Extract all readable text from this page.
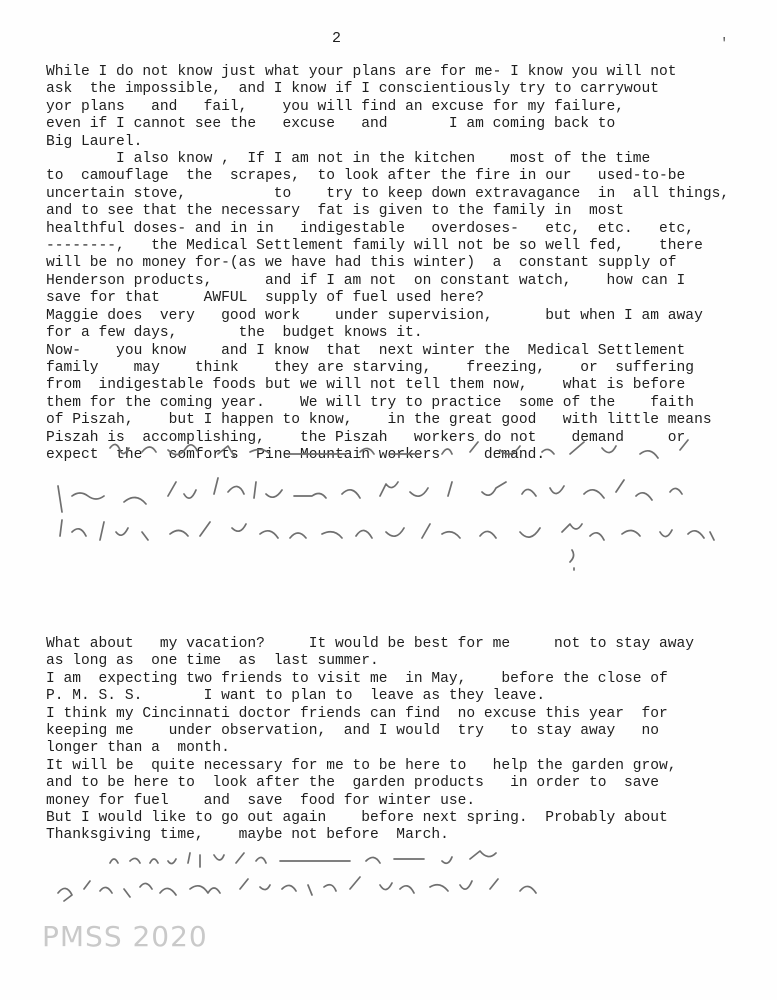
2	'
While I do not know just what your plans are for me- I know you will not
ask  the impossible,  and I know if I conscientiously try to carrywout
yor plans   and   fail,    you will find an excuse for my failure,
even if I cannot see the   excuse   and       I am coming back to
Big Laurel.
I also know ,  If I am not in the kitchen    most of the time
to  camouflage  the  scrapes,  to look after the fire in our   used-to-be
uncertain stove,          to    try to keep down extravagance  in  all things,
and to see that the necessary  fat is given to the family in  most
healthful doses- and in in   indigestable   overdoses-   etc,  etc.   etc,
--------,   the Medical Settlement family will not be so well fed,    there
will be no money for-(as we have had this winter)  a  constant supply of
Henderson products,      and if I am not  on constant watch,    how can I
save for that     AWFUL  supply of fuel used here?
Maggie does  very   good work    under supervision,      but when I am away
for a few days,       the  budget knows it.
Now-    you know    and I know  that  next winter the  Medical Settlement
family    may    think    they are starving,    freezing,    or  suffering
from  indigestable foods but we will not tell them now,    what is before
them for the coming year.    We will try to practice  some of the    faith
of Piszah,    but I happen to know,    in the great good   with little means
Piszah is  accomplishing,    the Piszah   workers do not    demand     or
expect  the   comforts  Pine Mountain workers     demand.
What about   my vacation?     It would be best for me     not to stay away
as long as  one time  as  last summer.
I am  expecting two friends to visit me  in May,    before the close of
P. M. S. S.       I want to plan to  leave as they leave.
I think my Cincinnati doctor friends can find  no excuse this year  for
keeping me    under observation,  and I would  try   to stay away   no
longer than a  month.
It will be  quite necessary for me to be here to   help the garden grow,
and to be here to  look after the  garden products   in order to  save
money for fuel    and  save  food for winter use.
But I would like to go out again    before next spring.  Probably about
Thanksgiving time,    maybe not before  March.
PMSS 2020
